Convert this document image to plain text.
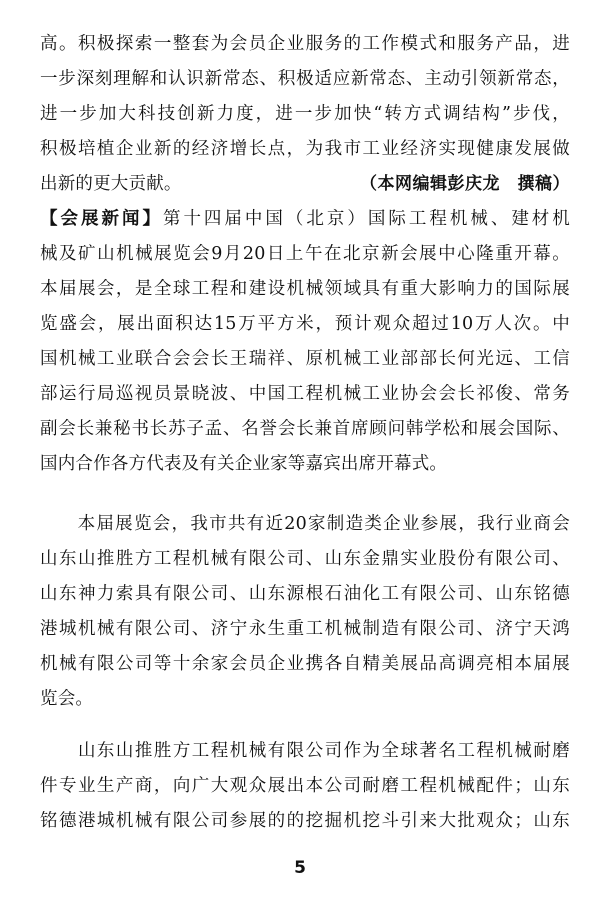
高。积极探索一整套为会员企业服务的工作模式和服务产品，进
一步深刻理解和认识新常态、积极适应新常态、主动引领新常态，
进一步加大科技创新力度，进一步加快“转方式调结构”步伐，
积极培植企业新的经济增长点，为我市工业经济实现健康发展做
出新的更大贡献。	（本网编辑彭庆龙　撰稿）
【会展新闻】第十四届中国（北京）国际工程机械、建材机
械及矿山机械展览会9月20日上午在北京新会展中心隆重开幕。
本届展会，是全球工程和建设机械领域具有重大影响力的国际展
览盛会，展出面积达15万平方米，预计观众超过10万人次。中
国机械工业联合会会长王瑞祥、原机械工业部部长何光远、工信
部运行局巡视员景晓波、中国工程机械工业协会会长祁俊、常务
副会长兼秘书长苏子孟、名誉会长兼首席顾问韩学松和展会国际、
国内合作各方代表及有关企业家等嘉宾出席开幕式。
　　本届展览会，我市共有近20家制造类企业参展，我行业商会
山东山推胜方工程机械有限公司、山东金鼎实业股份有限公司、
山东神力索具有限公司、山东源根石油化工有限公司、山东铭德
港城机械有限公司、济宁永生重工机械制造有限公司、济宁天鸿
机械有限公司等十余家会员企业携各自精美展品高调亮相本届展
览会。
　　山东山推胜方工程机械有限公司作为全球著名工程机械耐磨
件专业生产商，向广大观众展出本公司耐磨工程机械配件；山东
铭德港城机械有限公司参展的的挖掘机挖斗引来大批观众；山东
5
